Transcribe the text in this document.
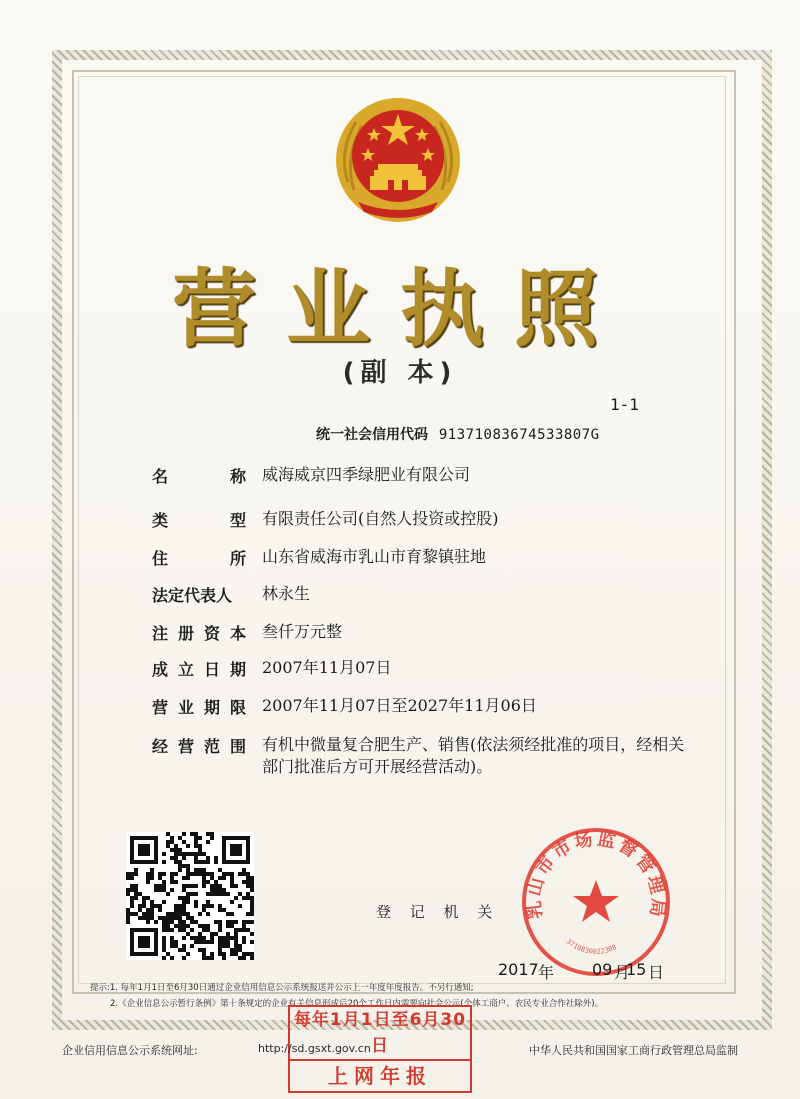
营业执照
(副 本)
1-1
统一社会信用代码 91371083674533807G
名	称 威海威京四季绿肥业有限公司
类	型 有限责任公司(自然人投资或控股)
住	所 山东省威海市乳山市育黎镇驻地
法定代表人 林永生
注 册 资 本 叁仟万元整
成 立 日 期 2007年11月07日
营 业 期 限 2007年11月07日至2027年11月06日
经 营 范 围 有机中微量复合肥生产、销售(依法须经批准的项目，经相关部门批准后方可开展经营活动)。
登 记 机 关 乳山市市场监督管理局
3710830022308
2017 年 09 月
15 日
提示:1. 每年1月1日至6月30日通过企业信用信息公示系统报送并公示上一年度年度报告。不另行通知;
2.《企业信息公示暂行条例》第十条规定的企业有关信息形成后20个工作日内需要向社会公示(个体工商户、农民专业合作社除外)。
每年1月1日至6月30日
上网年报
企业信用信息公示系统网址:	http://sd.gsxt.gov.cn	中华人民共和国国家工商行政管理总局监制
